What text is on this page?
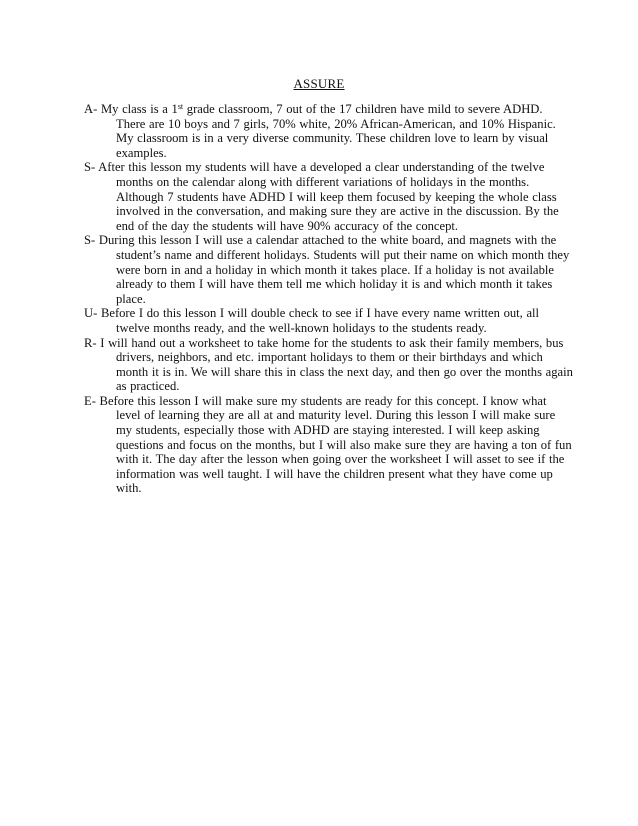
ASSURE

A- My class is a 1st grade classroom, 7 out of the 17 children have mild to severe ADHD. There are 10 boys and 7 girls, 70% white, 20% African-American, and 10% Hispanic. My classroom is in a very diverse community. These children love to learn by visual examples.

S- After this lesson my students will have a developed a clear understanding of the twelve months on the calendar along with different variations of holidays in the months. Although 7 students have ADHD I will keep them focused by keeping the whole class involved in the conversation, and making sure they are active in the discussion. By the end of the day the students will have 90% accuracy of the concept.

S- During this lesson I will use a calendar attached to the white board, and magnets with the student’s name and different holidays. Students will put their name on which month they were born in and a holiday in which month it takes place. If a holiday is not available already to them I will have them tell me which holiday it is and which month it takes place.

U- Before I do this lesson I will double check to see if I have every name written out, all twelve months ready, and the well-known holidays to the students ready.

R- I will hand out a worksheet to take home for the students to ask their family members, bus drivers, neighbors, and etc. important holidays to them or their birthdays and which month it is in. We will share this in class the next day, and then go over the months again as practiced.

E- Before this lesson I will make sure my students are ready for this concept. I know what level of learning they are all at and maturity level. During this lesson I will make sure my students, especially those with ADHD are staying interested. I will keep asking questions and focus on the months, but I will also make sure they are having a ton of fun with it. The day after the lesson when going over the worksheet I will asset to see if the information was well taught. I will have the children present what they have come up with.
